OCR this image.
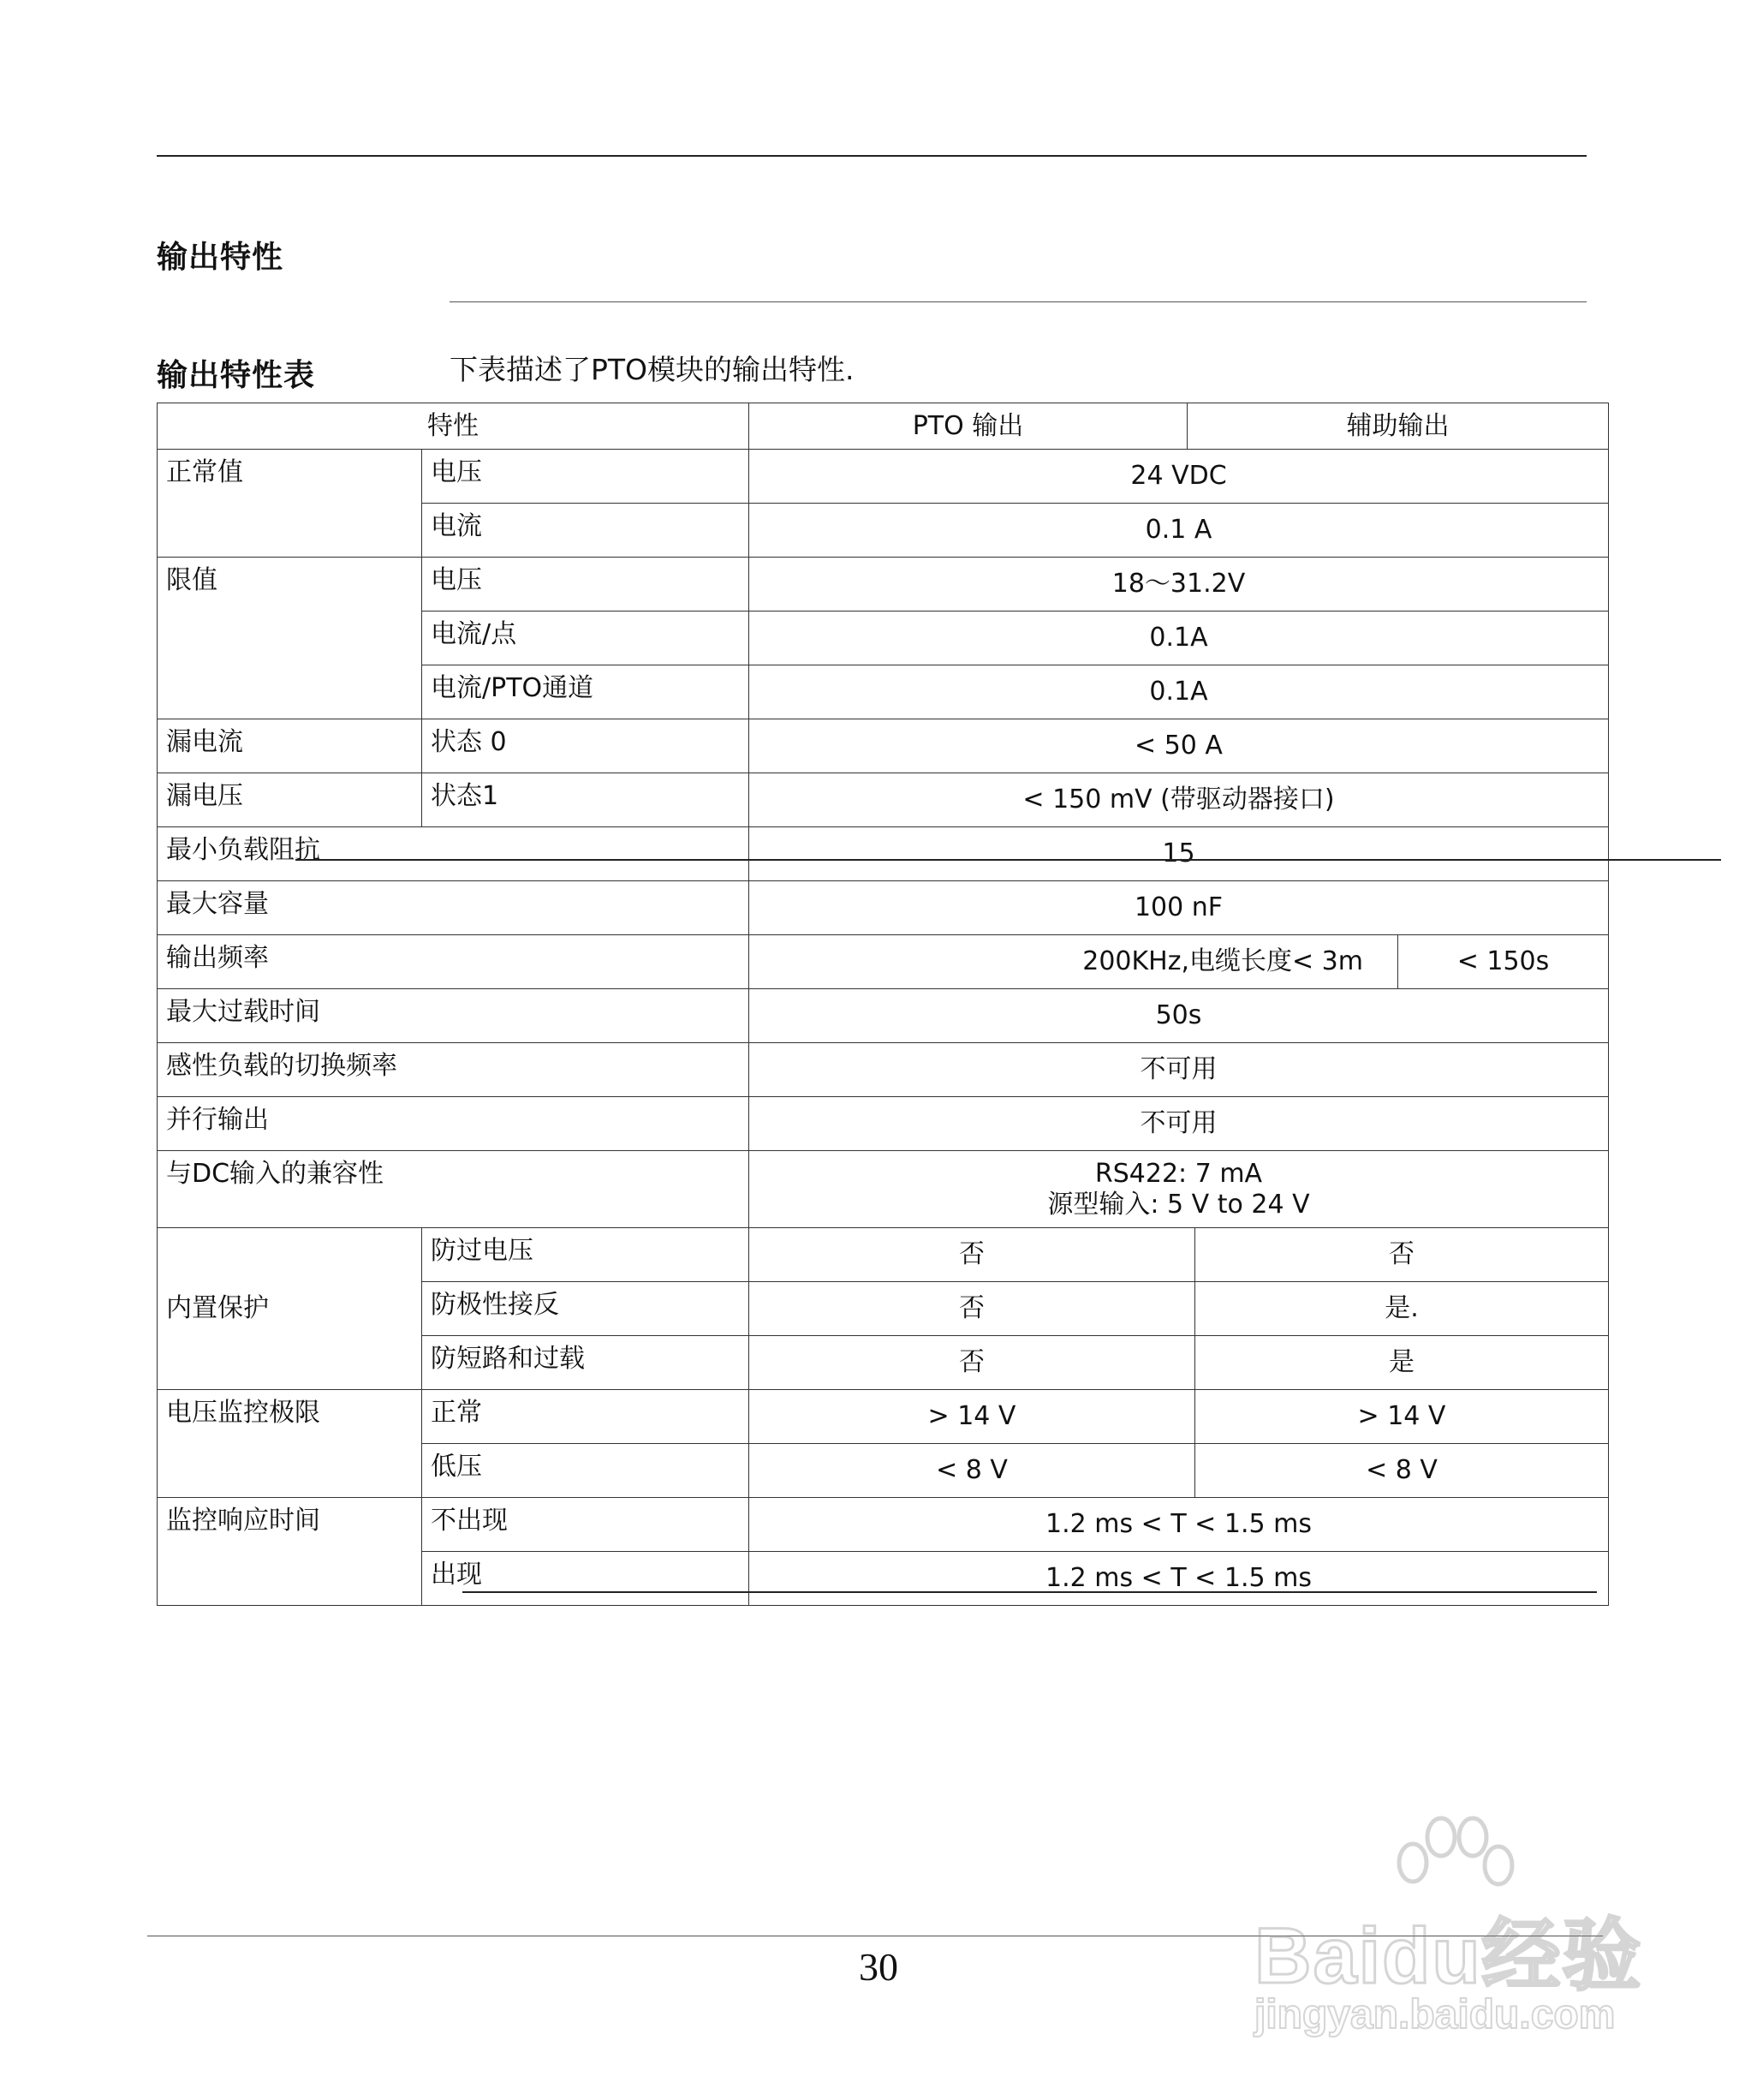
输出特性
输出特性表	下表描述了PTO模块的输出特性.
特性		PTO 输出	辅助输出		
正常值	电压	24 VDC			
	电流	0.1 A			
限值	电压	18～31.2V			
	电流/点	0.1A			
	电流/PTO通道	0.1A			
漏电流	状态 0	< 50 A			
漏电压	状态1	< 150 mV (带驱动器接口)			
最小负载阻抗		15			
最大容量		100 nF			
输出频率		200KHz,电缆长度< 3m			< 150s
最大过载时间		50s			
感性负载的切换频率		不可用			
并行输出		不可用			
与DC输入的兼容性		RS422: 7 mA
源型输入: 5 V to 24 V			

内置保护	防过电压	否		否	
	防极性接反	否		是.	
	防短路和过载	否		是	
电压监控极限	正常	> 14 V		> 14 V	
	低压	< 8 V		< 8 V	
监控响应时间	不出现	1.2 ms < T < 1.5 ms			
	出现	1.2 ms < T < 1.5 ms			
30	Baidu经验
jingyan.baidu.com
